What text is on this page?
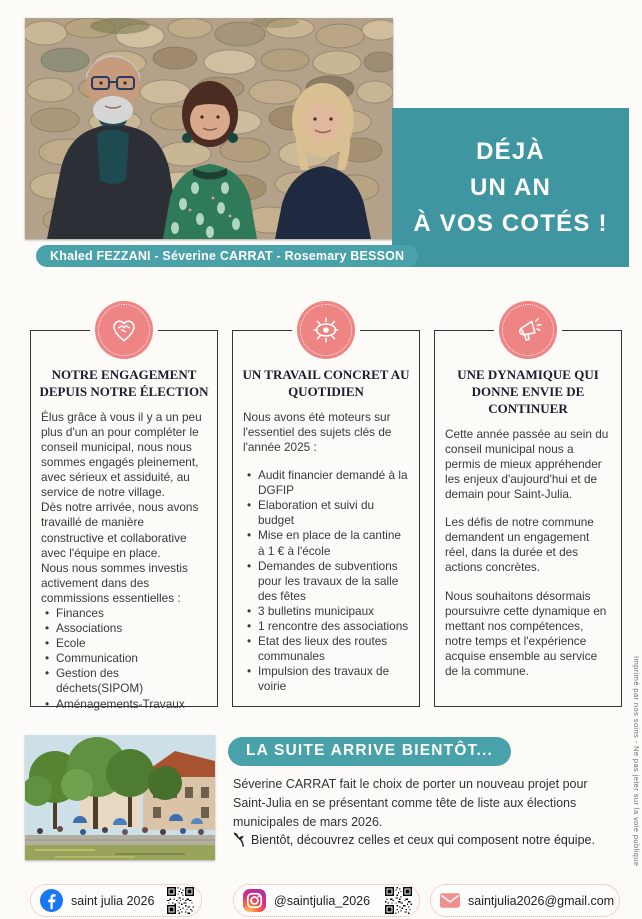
DÉJÀ
UN AN
À VOS COTÉS !
Khaled FEZZANI - Séverine CARRAT - Rosemary BESSON
NOTRE ENGAGEMENT DEPUIS NOTRE ÉLECTION

Élus grâce à vous il y a un peu plus d'un an pour compléter le conseil municipal, nous nous sommes engagés pleinement, avec sérieux et assiduité, au service de notre village.

Dès notre arrivée, nous avons travaillé de manière constructive et collaborative avec l'équipe en place.

Nous nous sommes investis activement dans des commissions essentielles :

• Finances
• Associations
• Ecole
• Communication
• Gestion des déchets(SIPOM)
• Aménagements-Travaux
UN TRAVAIL CONCRET AU QUOTIDIEN

Nous avons été moteurs sur l'essentiel des sujets clés de l'année 2025 :

• Audit financier demandé à la DGFIP
• Elaboration et suivi du budget
• Mise en place de la cantine à 1 € à l'école
• Demandes de subventions pour les travaux de la salle des fêtes
• 3 bulletins municipaux
• 1 rencontre des associations
• Etat des lieux des routes communales
• Impulsion des travaux de voirie
UNE DYNAMIQUE QUI DONNE ENVIE DE CONTINUER

Cette année passée au sein du conseil municipal nous a permis de mieux appréhender les enjeux d'aujourd'hui et de demain pour Saint-Julia.

Les défis de notre commune demandent un engagement réel, dans la durée et des actions concrètes.

Nous souhaitons désormais poursuivre cette dynamique en mettant nos compétences, notre temps et l'expérience acquise ensemble au service de la commune.

LA SUITE ARRIVE BIENTÔT...

Séverine CARRAT fait le choix de porter un nouveau projet pour Saint-Julia en se présentant comme tête de liste aux élections municipales de mars 2026.

Bientôt, découvrez celles et ceux qui composent notre équipe.
saint julia 2026	@saintjulia_2026	saintjulia2026@gmail.com
Imprimé par nos soins - Ne pas jeter sur la voie publique
